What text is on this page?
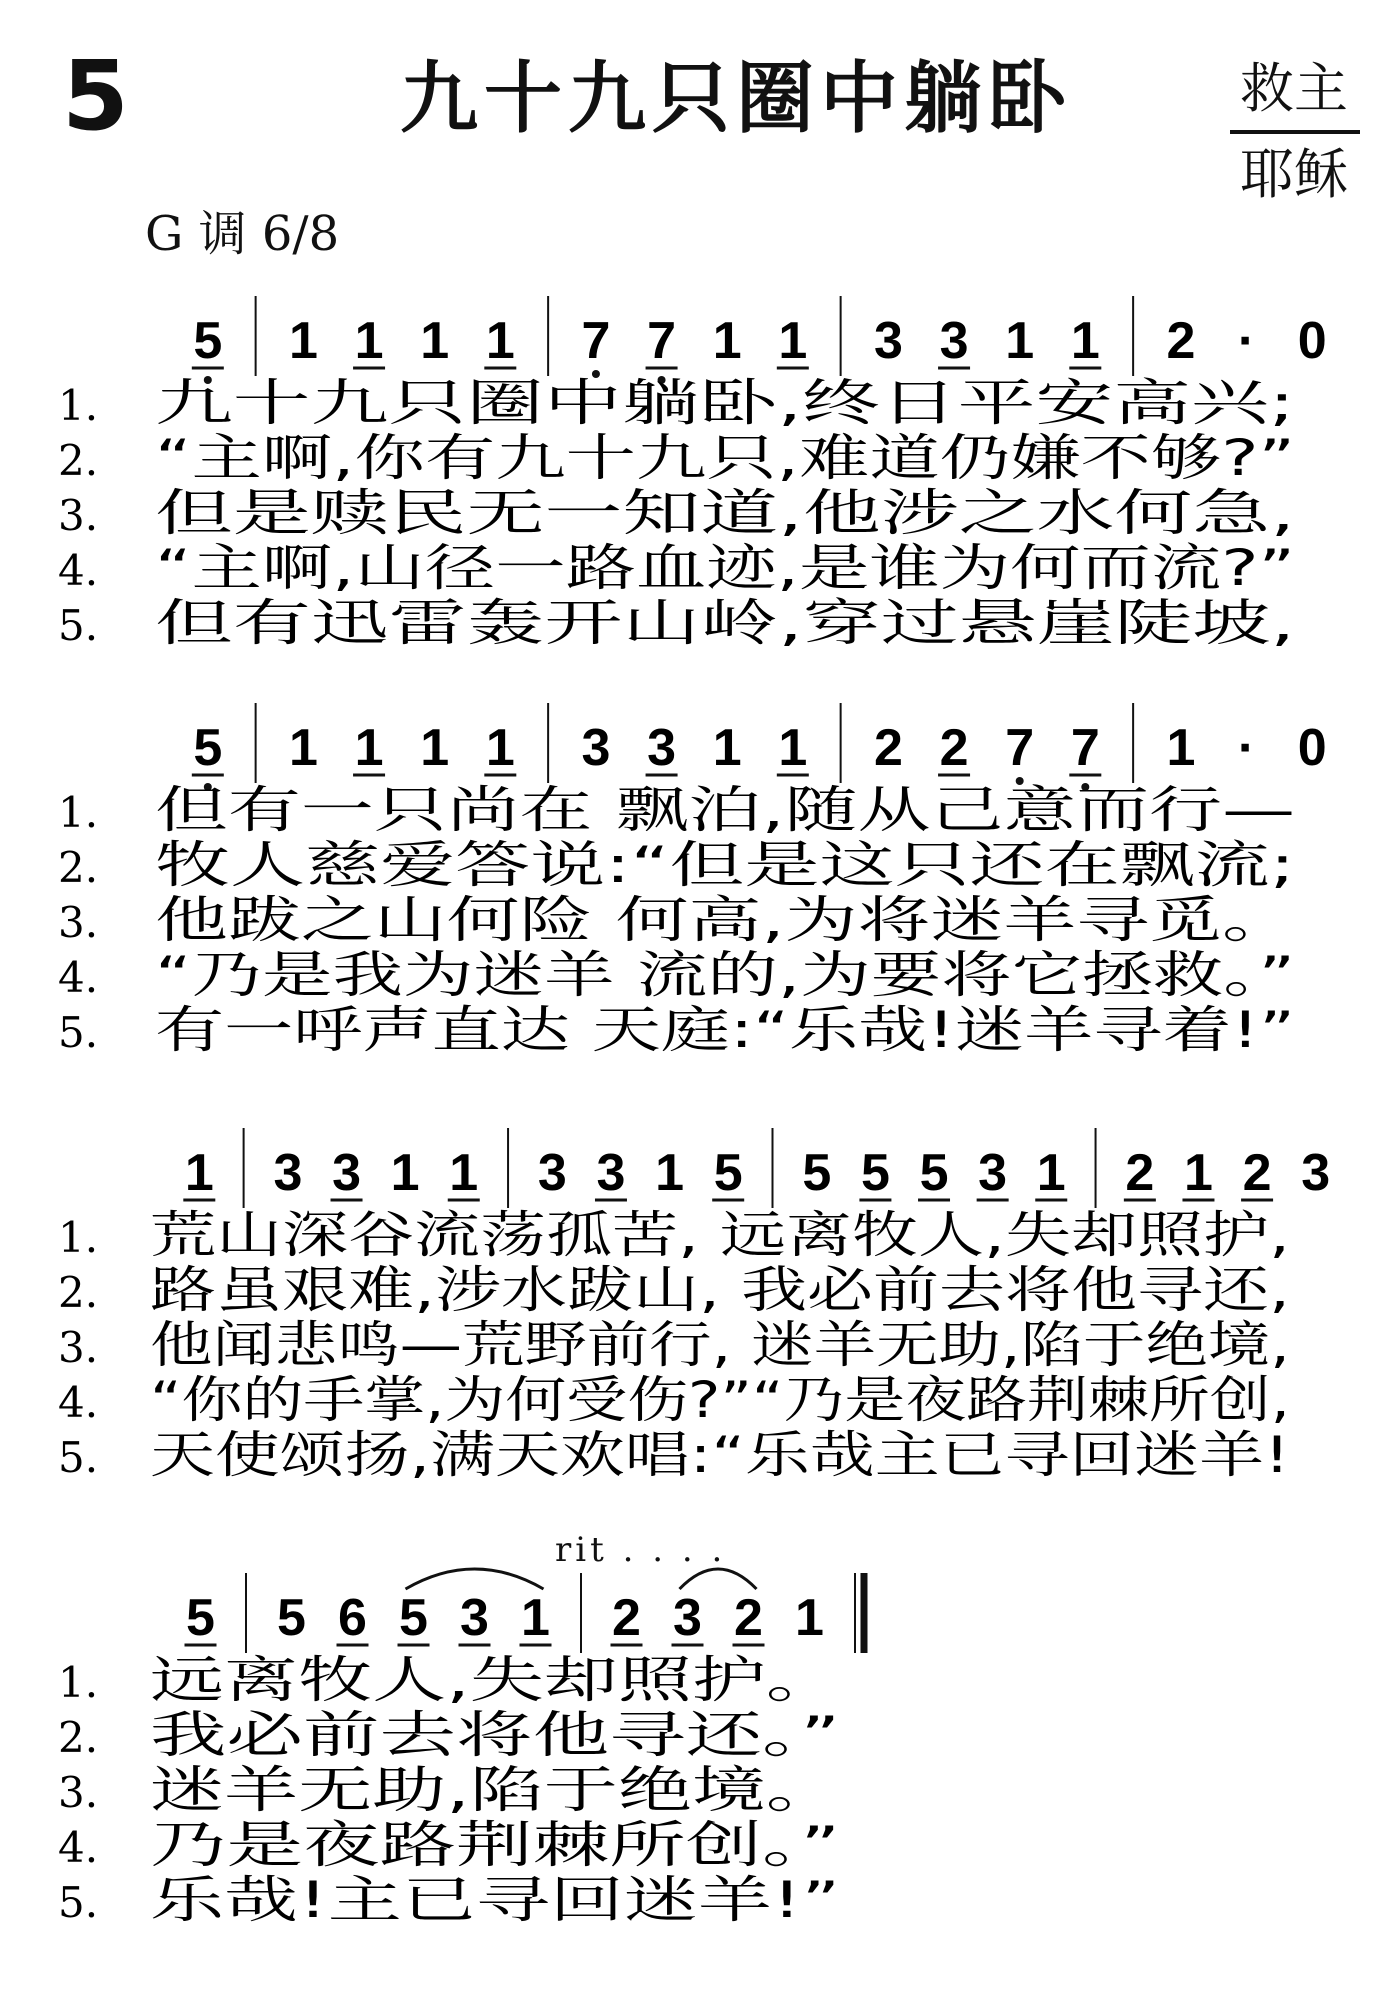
5	九十九只圈中躺卧	救主
耶稣
G 调 6/8
rit . . . .
5 1 1 1 1 7 7 1 1 3 3 1 1 2 · 0
1. 九十九只圈中躺卧,终日平安高兴;
2. “主啊,你有九十九只,难道仍嫌不够?”
3. 但是赎民无一知道,他涉之水何急,
4. “主啊,山径一路血迹,是谁为何而流?”
5. 但有迅雷轰开山岭,穿过悬崖陡坡,
5 1 1 1 1 3 3 1 1 2 2 7 7 1 · 0
1. 但有一只尚在 飘泊,随从己意而行—
2. 牧人慈爱答说:“但是这只还在飘流;
3. 他跋之山何险 何高,为将迷羊寻觅。
4. “乃是我为迷羊 流的,为要将它拯救。”
5. 有一呼声直达 天庭:“乐哉!迷羊寻着!”
1 3 3 1 1 3 3 1 5 5 5 5 3 1 2 1 2 3
1. 荒山深谷流荡孤苦, 远离牧人,失却照护,
2. 路虽艰难,涉水跋山, 我必前去将他寻还,
3. 他闻悲鸣—荒野前行, 迷羊无助,陷于绝境,
4. “你的手掌,为何受伤?”“乃是夜路荆棘所创,
5. 天使颂扬,满天欢唱:“乐哉主已寻回迷羊!
5 5 6 5 3 1 2 3 2 1
1. 远离牧人,失却照护。
2. 我必前去将他寻还。”
3. 迷羊无助,陷于绝境。
4. 乃是夜路荆棘所创。”
5. 乐哉!主已寻回迷羊!”
